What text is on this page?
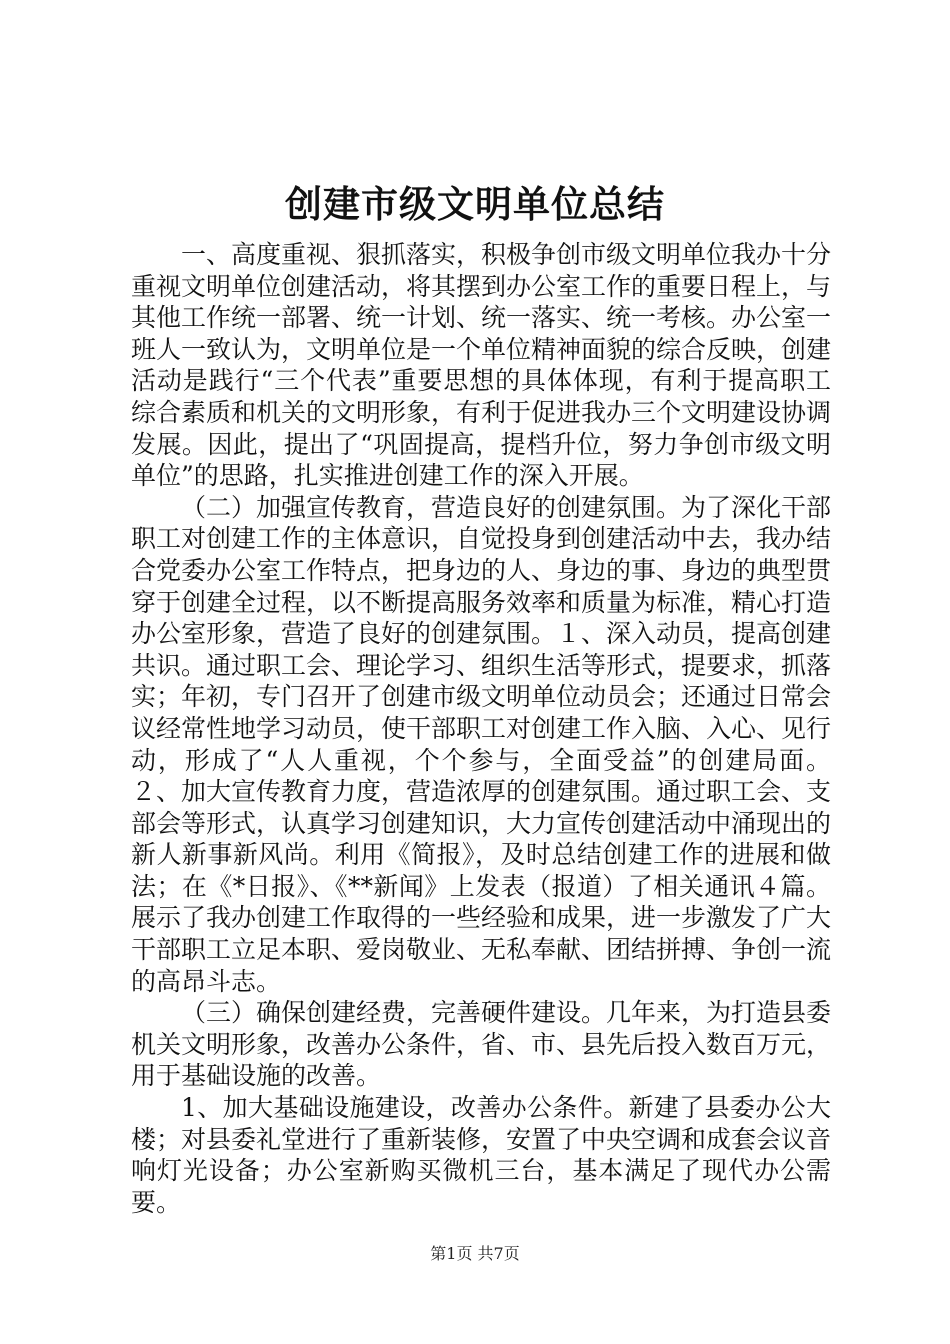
创建市级文明单位总结

一、高度重视、狠抓落实，积极争创市级文明单位我办十分重视文明单位创建活动，将其摆到办公室工作的重要日程上，与其他工作统一部署、统一计划、统一落实、统一考核。办公室一班人一致认为，文明单位是一个单位精神面貌的综合反映，创建活动是践行“三个代表”重要思想的具体体现，有利于提高职工综合素质和机关的文明形象，有利于促进我办三个文明建设协调发展。因此，提出了“巩固提高，提档升位，努力争创市级文明单位”的思路，扎实推进创建工作的深入开展。

（二）加强宣传教育，营造良好的创建氛围。为了深化干部职工对创建工作的主体意识，自觉投身到创建活动中去，我办结合党委办公室工作特点，把身边的人、身边的事、身边的典型贯穿于创建全过程，以不断提高服务效率和质量为标准，精心打造办公室形象，营造了良好的创建氛围。１、深入动员，提高创建共识。通过职工会、理论学习、组织生活等形式，提要求，抓落实；年初，专门召开了创建市级文明单位动员会；还通过日常会议经常性地学习动员，使干部职工对创建工作入脑、入心、见行动，形成了“人人重视，个个参与，全面受益”的创建局面。２、加大宣传教育力度，营造浓厚的创建氛围。通过职工会、支部会等形式，认真学习创建知识，大力宣传创建活动中涌现出的新人新事新风尚。利用《简报》，及时总结创建工作的进展和做法；在《*日报》、《**新闻》上发表（报道）了相关通讯４篇。展示了我办创建工作取得的一些经验和成果，进一步激发了广大干部职工立足本职、爱岗敬业、无私奉献、团结拼搏、争创一流的高昂斗志。

（三）确保创建经费，完善硬件建设。几年来，为打造县委机关文明形象，改善办公条件，省、市、县先后投入数百万元，用于基础设施的改善。

1、加大基础设施建设，改善办公条件。新建了县委办公大楼；对县委礼堂进行了重新装修，安置了中央空调和成套会议音响灯光设备；办公室新购买微机三台，基本满足了现代办公需要。

第1页 共7页
